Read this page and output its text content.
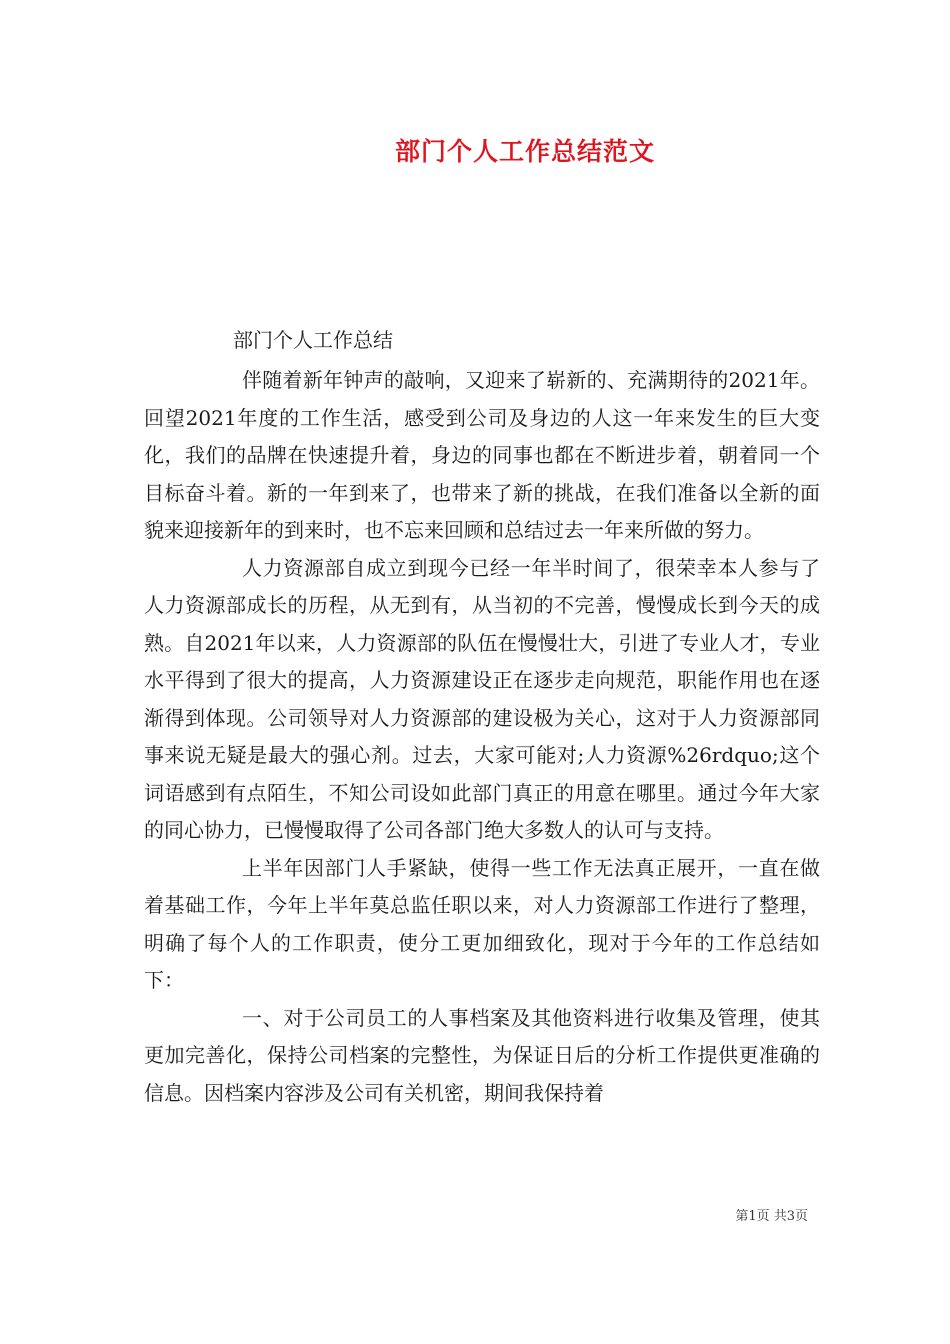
部门个人工作总结范文
部门个人工作总结

伴随着新年钟声的敲响，又迎来了崭新的、充满期待的2021年。回望2021年度的工作生活，感受到公司及身边的人这一年来发生的巨大变化，我们的品牌在快速提升着，身边的同事也都在不断进步着，朝着同一个目标奋斗着。新的一年到来了，也带来了新的挑战，在我们准备以全新的面貌来迎接新年的到来时，也不忘来回顾和总结过去一年来所做的努力。

人力资源部自成立到现今已经一年半时间了，很荣幸本人参与了人力资源部成长的历程，从无到有，从当初的不完善，慢慢成长到今天的成熟。自2021年以来，人力资源部的队伍在慢慢壮大，引进了专业人才，专业水平得到了很大的提高，人力资源建设正在逐步走向规范，职能作用也在逐渐得到体现。公司领导对人力资源部的建设极为关心，这对于人力资源部同事来说无疑是最大的强心剂。过去，大家可能对;人力资源%26rdquo;这个词语感到有点陌生，不知公司设如此部门真正的用意在哪里。通过今年大家的同心协力，已慢慢取得了公司各部门绝大多数人的认可与支持。

上半年因部门人手紧缺，使得一些工作无法真正展开，一直在做着基础工作，今年上半年莫总监任职以来，对人力资源部工作进行了整理，明确了每个人的工作职责，使分工更加细致化，现对于今年的工作总结如下：

一、对于公司员工的人事档案及其他资料进行收集及管理，使其更加完善化，保持公司档案的完整性，为保证日后的分析工作提供更准确的信息。因档案内容涉及公司有关机密，期间我保持着

第1页 共3页
